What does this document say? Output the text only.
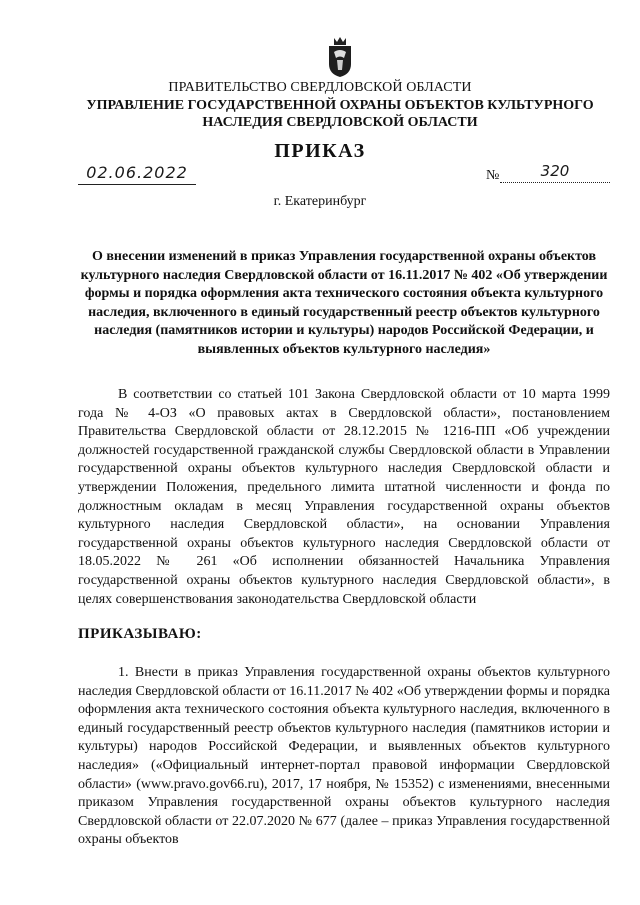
ПРАВИТЕЛЬСТВО СВЕРДЛОВСКОЙ ОБЛАСТИ
УПРАВЛЕНИЕ ГОСУДАРСТВЕННОЙ ОХРАНЫ ОБЪЕКТОВ КУЛЬТУРНОГО НАСЛЕДИЯ СВЕРДЛОВСКОЙ ОБЛАСТИ
ПРИКАЗ
02.06.2022	№	320
г. Екатеринбург
О внесении изменений в приказ Управления государственной охраны объектов культурного наследия Свердловской области от 16.11.2017 № 402 «Об утверждении формы и порядка оформления акта технического состояния объекта культурного наследия, включенного в единый государственный реестр объектов культурного наследия (памятников истории и культуры) народов Российской Федерации, и выявленных объектов культурного наследия»
В соответствии со статьей 101 Закона Свердловской области от 10 марта 1999 года № 4-ОЗ «О правовых актах в Свердловской области», постановлением Правительства Свердловской области от 28.12.2015 № 1216-ПП «Об учреждении должностей государственной гражданской службы Свердловской области в Управлении государственной охраны объектов культурного наследия Свердловской области и утверждении Положения, предельного лимита штатной численности и фонда по должностным окладам в месяц Управления государственной охраны объектов культурного наследия Свердловской области», на основании Управления государственной охраны объектов культурного наследия Свердловской области от 18.05.2022 № 261 «Об исполнении обязанностей Начальника Управления государственной охраны объектов культурного наследия Свердловской области», в целях совершенствования законодательства Свердловской области
ПРИКАЗЫВАЮ:
1. Внести в приказ Управления государственной охраны объектов культурного наследия Свердловской области от 16.11.2017 № 402 «Об утверждении формы и порядка оформления акта технического состояния объекта культурного наследия, включенного в единый государственный реестр объектов культурного наследия (памятников истории и культуры) народов Российской Федерации, и выявленных объектов культурного наследия» («Официальный интернет-портал правовой информации Свердловской области» (www.pravo.gov66.ru), 2017, 17 ноября, № 15352) с изменениями, внесенными приказом Управления государственной охраны объектов культурного наследия Свердловской области от 22.07.2020 № 677 (далее – приказ Управления государственной охраны объектов
